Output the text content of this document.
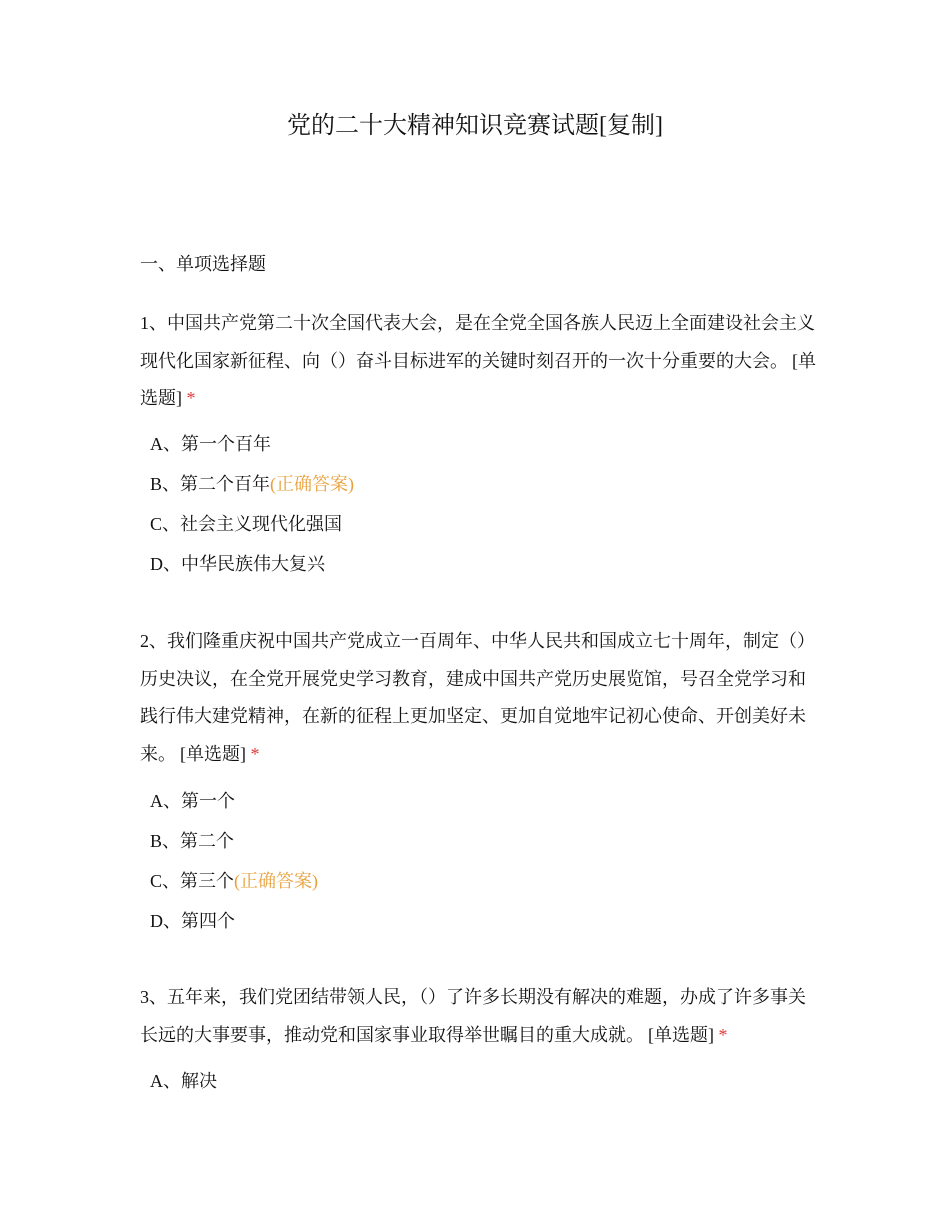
党的二十大精神知识竞赛试题[复制]
一、单项选择题

1、中国共产党第二十次全国代表大会，是在全党全国各族人民迈上全面建设社会主义现代化国家新征程、向（）奋斗目标进军的关键时刻召开的一次十分重要的大会。 [单选题] *

A、第一个百年
B、第二个百年(正确答案)
C、社会主义现代化强国
D、中华民族伟大复兴

2、我们隆重庆祝中国共产党成立一百周年、中华人民共和国成立七十周年，制定（）历史决议，在全党开展党史学习教育，建成中国共产党历史展览馆，号召全党学习和践行伟大建党精神，在新的征程上更加坚定、更加自觉地牢记初心使命、开创美好未来。 [单选题] *

A、第一个
B、第二个
C、第三个(正确答案)
D、第四个

3、五年来，我们党团结带领人民，（）了许多长期没有解决的难题，办成了许多事关长远的大事要事，推动党和国家事业取得举世瞩目的重大成就。 [单选题] *

A、解决
